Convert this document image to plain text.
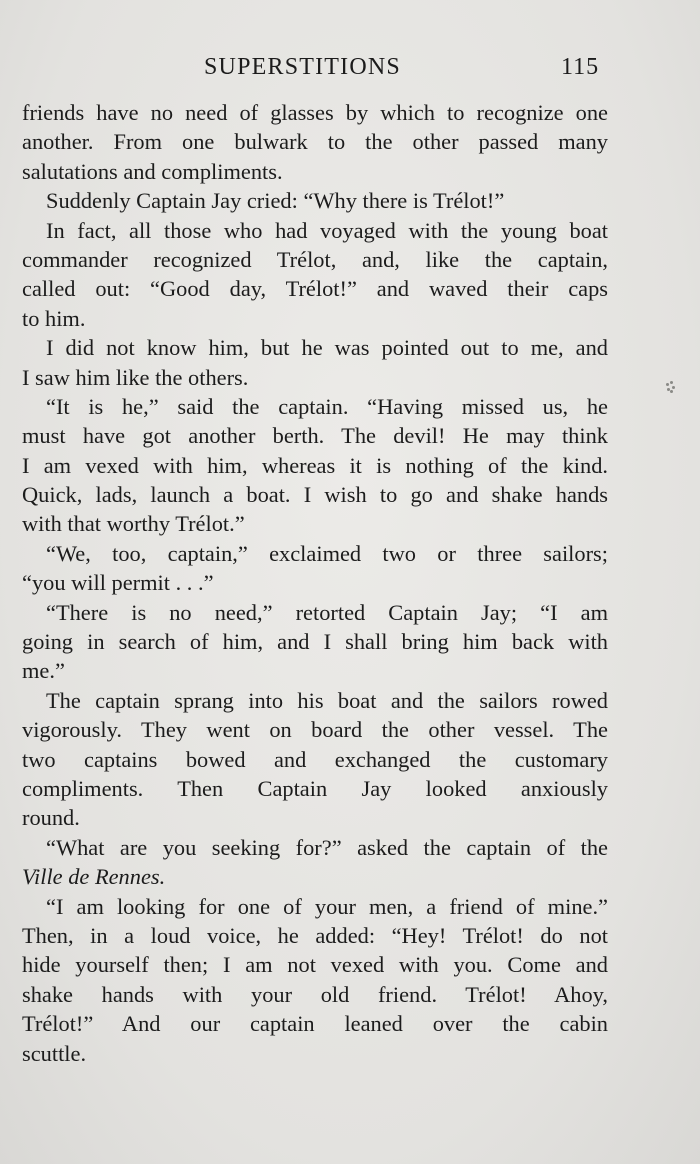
SUPERSTITIONS	115
friends have no need of glasses by which to recognize one
another. From one bulwark to the other passed many
salutations and compliments.
Suddenly Captain Jay cried: “Why there is Trélot!”
In fact, all those who had voyaged with the young boat
commander recognized Trélot, and, like the captain,
called out: “Good day, Trélot!” and waved their caps
to him.
I did not know him, but he was pointed out to me, and
I saw him like the others.
“It is he,” said the captain. “Having missed us, he
must have got another berth. The devil! He may think
I am vexed with him, whereas it is nothing of the kind.
Quick, lads, launch a boat. I wish to go and shake hands
with that worthy Trélot.”
“We, too, captain,” exclaimed two or three sailors;
“you will permit . . .”
“There is no need,” retorted Captain Jay; “I am
going in search of him, and I shall bring him back with
me.”
The captain sprang into his boat and the sailors rowed
vigorously. They went on board the other vessel. The
two captains bowed and exchanged the customary
compliments. Then Captain Jay looked anxiously
round.
“What are you seeking for?” asked the captain of the
Ville de Rennes.
“I am looking for one of your men, a friend of mine.”
Then, in a loud voice, he added: “Hey! Trélot! do not
hide yourself then; I am not vexed with you. Come and
shake hands with your old friend. Trélot! Ahoy,
Trélot!” And our captain leaned over the cabin
scuttle.
